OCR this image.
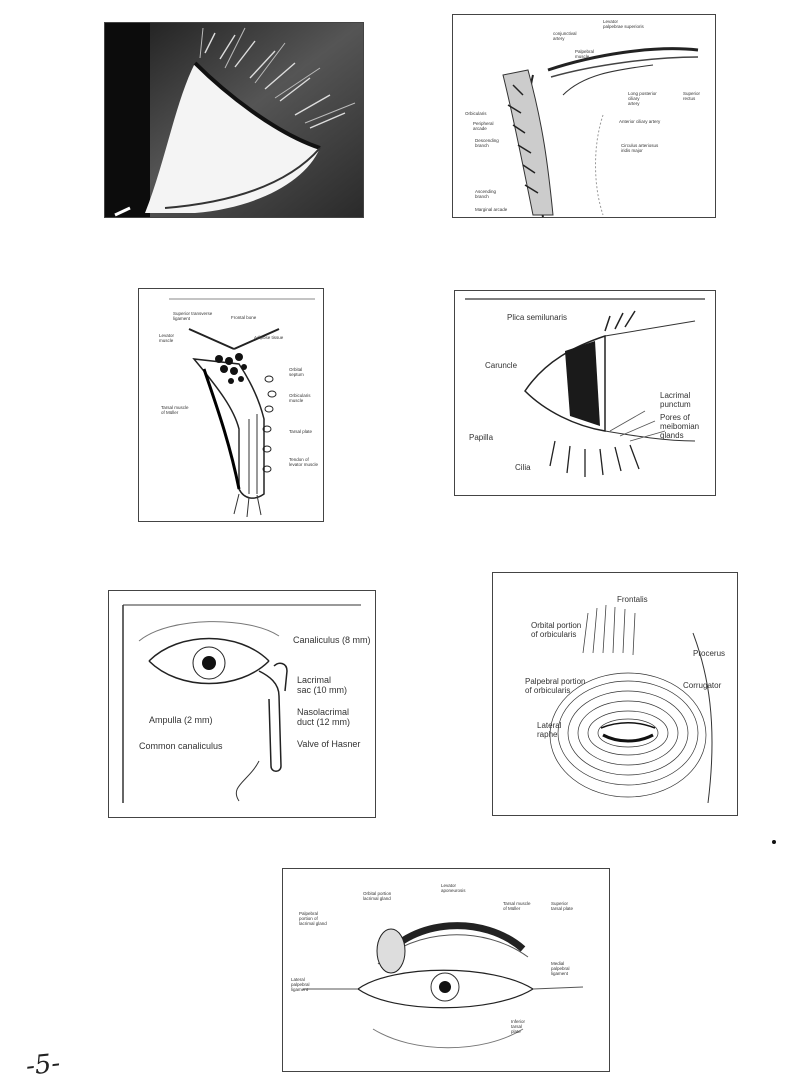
Levator
palpebrae superioris
conjunctival
artery
Palpebral
muscle
Orbicularis
Peripheral
arcade
Descending
branch
Long posterior
ciliary
artery
Superior
rectus
Anterior ciliary artery
Circulus arteriosus
iridis major
Ascending
branch
Marginal arcade
Superior transverse
ligament	Frontal bone
Levator
muscle
Adipose tissue
Orbital
septum
Orbicularis
muscle
Tarsal muscle
of Müller
Tarsal plate
Tendon of
levator muscle
Plica semilunaris
Caruncle
Lacrimal
punctum
Pores of
meibomian
glands
Papilla
Cilia
Canaliculus (8 mm)
Lacrimal
sac (10 mm)
Ampulla (2 mm)
Nasolacrimal
duct (12 mm)
Common canaliculus	Valve of Hasner
Frontalis
Orbital portion
of orbicularis
Procerus
Palpebral portion
of orbicularis
Corrugator
Lateral
raphe
Orbital portion
lacrimal gland
Palpebral
portion of
lacrimal gland
Levator
aponeurosis
Tarsal muscle
of Müller
Superior
tarsal plate
Lateral
palpebral
ligament
Medial
palpebral
ligament
Inferior
tarsal
plate
-5-
